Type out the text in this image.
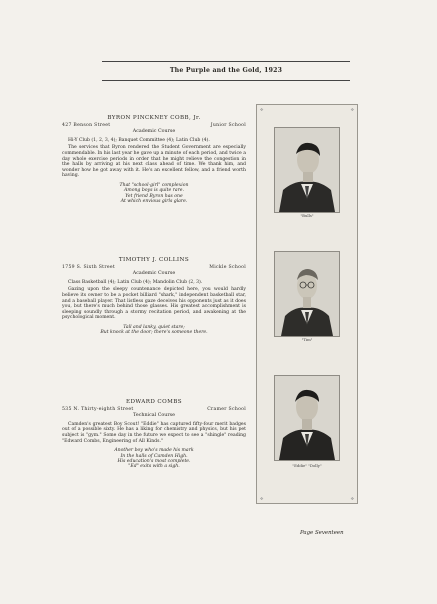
The Purple and the Gold, 1923
BYRON PINCKNEY COBB, Jr.
427 Benson Street	Junior School
Academic Course

Hi-Y Club (1, 2, 3, 4); Banquet Committee (4); Latin Club (4).

The services that Byron rendered the Student Government are especially commendable. In his last year he gave up a minute of each period, and twice a day whole exercise periods in order that he might relieve the congestion in the halls by arriving at his next class ahead of time. We thank him, and wonder how he got away with it. He's an excellent fellow, and a friend worth having.

That "school-girl" complexion
Among boys is quite rare.
Yet friend Byron has one
At which envious girls glare.
TIMOTHY J. COLLINS
1759 S. Sixth Street	Mickle School
Academic Course

Class Basketball (4); Latin Club (4); Mandolin Club (2, 3).

Gazing upon the sleepy countenance depicted here, you would hardly believe its owner to be a pocket billiard "shark," independent basketball star, and a baseball player. That listless gaze deceives his opponents just as it does you, but there's much behind those glasses. His greatest accomplishment is sleeping soundly through a stormy recitation period, and awakening at the psychological moment.

Tall and lanky, quiet stare;
But knock at the door; there's someone there.
EDWARD COMBS
535 N. Thirty-eighth Street	Cramer School
Technical Course

Camden's greatest Boy Scout! "Eddie" has captured fifty-four merit badges out of a possible sixty. He has a liking for chemistry and physics, but his pet subject is "gym." Some day in the future we expect to see a "shingle" reading "Edward Combs, Engineering of All Kinds."

Another boy who's made his mark
In the halls of Camden High.
His education's most complete.
"Ed" exits with a sigh.
✥	✥
✥	✥
"Bulls"
"Tim"
"Eddie" "Dolly"
Page Seventeen
